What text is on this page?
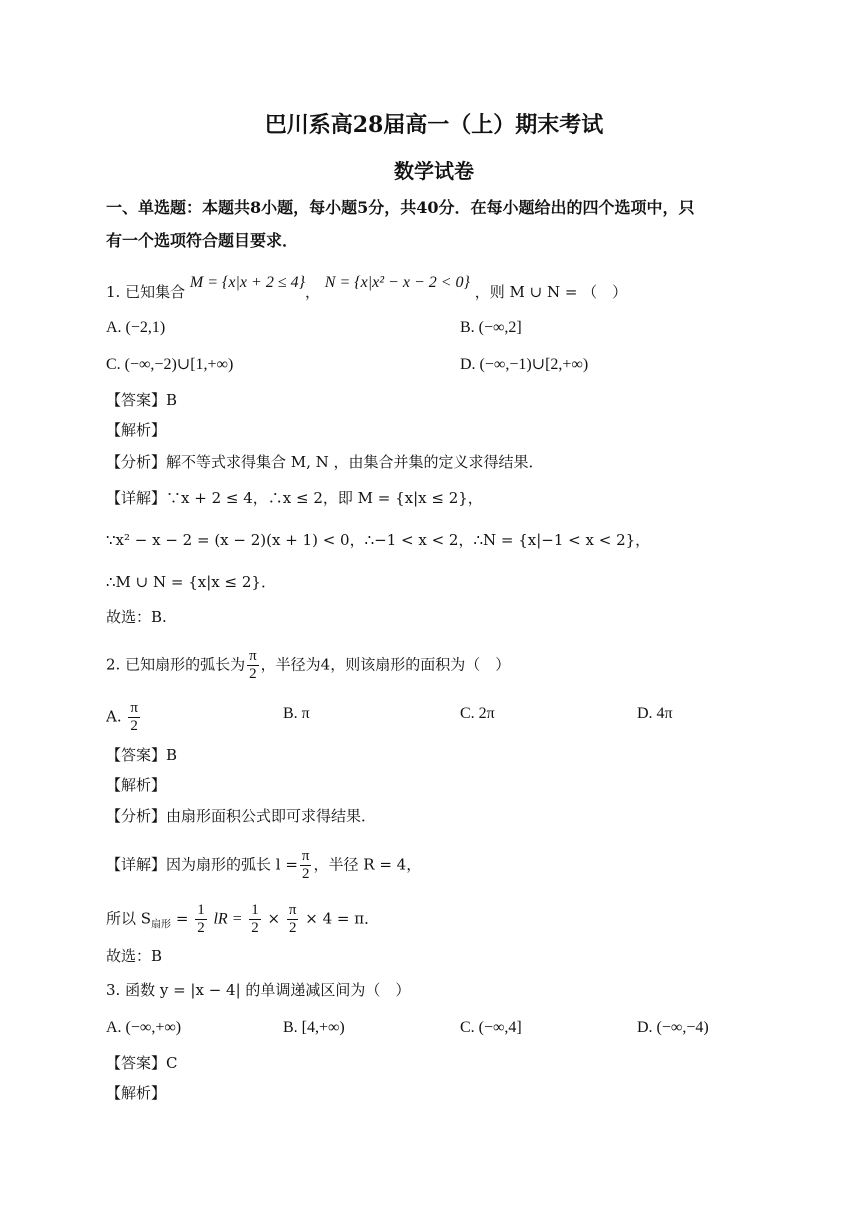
巴川系高28届高一（上）期末考试
数学试卷
一、单选题：本题共8小题，每小题5分，共40分．在每小题给出的四个选项中，只
有一个选项符合题目要求．
1. 已知集合 M = {x|x + 2 ≤ 4}， N = {x|x² − x − 2 < 0} ，则 M ∪ N = （　）
A. (−2,1)	B. (−∞,2]
C. (−∞,−2)∪[1,+∞)	D. (−∞,−1)∪[2,+∞)
【答案】B
【解析】
【分析】解不等式求得集合 M, N ，由集合并集的定义求得结果．
【详解】∵x + 2 ≤ 4，∴x ≤ 2，即 M = {x|x ≤ 2}，
∵x² − x − 2 = (x − 2)(x + 1) < 0，∴−1 < x < 2，∴N = {x|−1 < x < 2}，
∴M ∪ N = {x|x ≤ 2}．
故选：B.
2. 已知扇形的弧长为 $\frac{\pi}{2}$ ，半径为4，则该扇形的面积为（　）
A. $\frac{\pi}{2}$	B. π	C. 2π	D. 4π
【答案】B
【解析】
【分析】由扇形面积公式即可求得结果．
【详解】因为扇形的弧长 $l = \frac{\pi}{2}$ ，半径 R = 4，
所以 $S_{扇形} = \frac{1}{2}$ lR = $\frac{1}{2} \times \frac{\pi}{2} \times 4 = \pi$．
故选：B
3. 函数 y = |x − 4| 的单调递减区间为（　）
A. (−∞,+∞)	B. [4,+∞)	C. (−∞,4]	D. (−∞,−4)
【答案】C
【解析】
